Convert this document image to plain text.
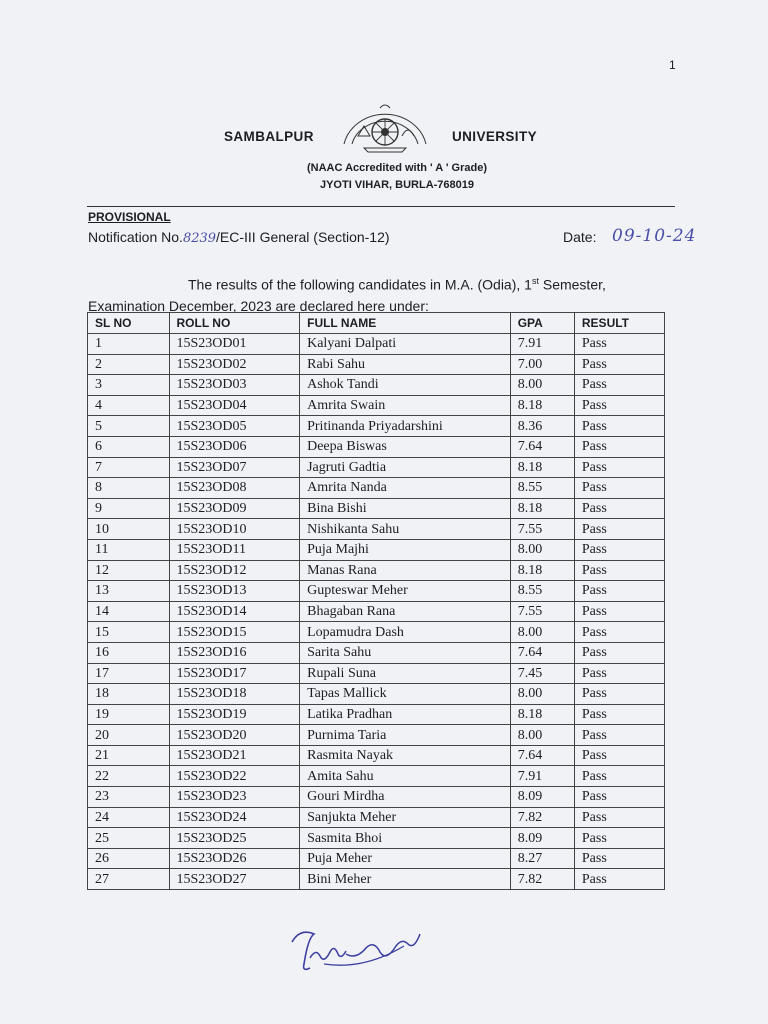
1
SAMBALPUR	UNIVERSITY
(NAAC Accredited with ' A ' Grade)
JYOTI VIHAR, BURLA-768019
PROVISIONAL
Notification No.8239/EC-III General (Section-12)	Date: 09-10-24
The results of the following candidates in M.A. (Odia), 1st Semester,
Examination December, 2023 are declared here under:
SL NO	ROLL NO	FULL NAME	GPA	RESULT
1	15S23OD01	Kalyani Dalpati	7.91	Pass
2	15S23OD02	Rabi Sahu	7.00	Pass
3	15S23OD03	Ashok Tandi	8.00	Pass
4	15S23OD04	Amrita Swain	8.18	Pass
5	15S23OD05	Pritinanda Priyadarshini	8.36	Pass
6	15S23OD06	Deepa Biswas	7.64	Pass
7	15S23OD07	Jagruti Gadtia	8.18	Pass
8	15S23OD08	Amrita Nanda	8.55	Pass
9	15S23OD09	Bina Bishi	8.18	Pass
10	15S23OD10	Nishikanta Sahu	7.55	Pass
11	15S23OD11	Puja Majhi	8.00	Pass
12	15S23OD12	Manas Rana	8.18	Pass
13	15S23OD13	Gupteswar Meher	8.55	Pass
14	15S23OD14	Bhagaban Rana	7.55	Pass
15	15S23OD15	Lopamudra Dash	8.00	Pass
16	15S23OD16	Sarita Sahu	7.64	Pass
17	15S23OD17	Rupali Suna	7.45	Pass
18	15S23OD18	Tapas Mallick	8.00	Pass
19	15S23OD19	Latika Pradhan	8.18	Pass
20	15S23OD20	Purnima Taria	8.00	Pass
21	15S23OD21	Rasmita Nayak	7.64	Pass
22	15S23OD22	Amita Sahu	7.91	Pass
23	15S23OD23	Gouri Mirdha	8.09	Pass
24	15S23OD24	Sanjukta Meher	7.82	Pass
25	15S23OD25	Sasmita Bhoi	8.09	Pass
26	15S23OD26	Puja Meher	8.27	Pass
27	15S23OD27	Bini Meher	7.82	Pass
